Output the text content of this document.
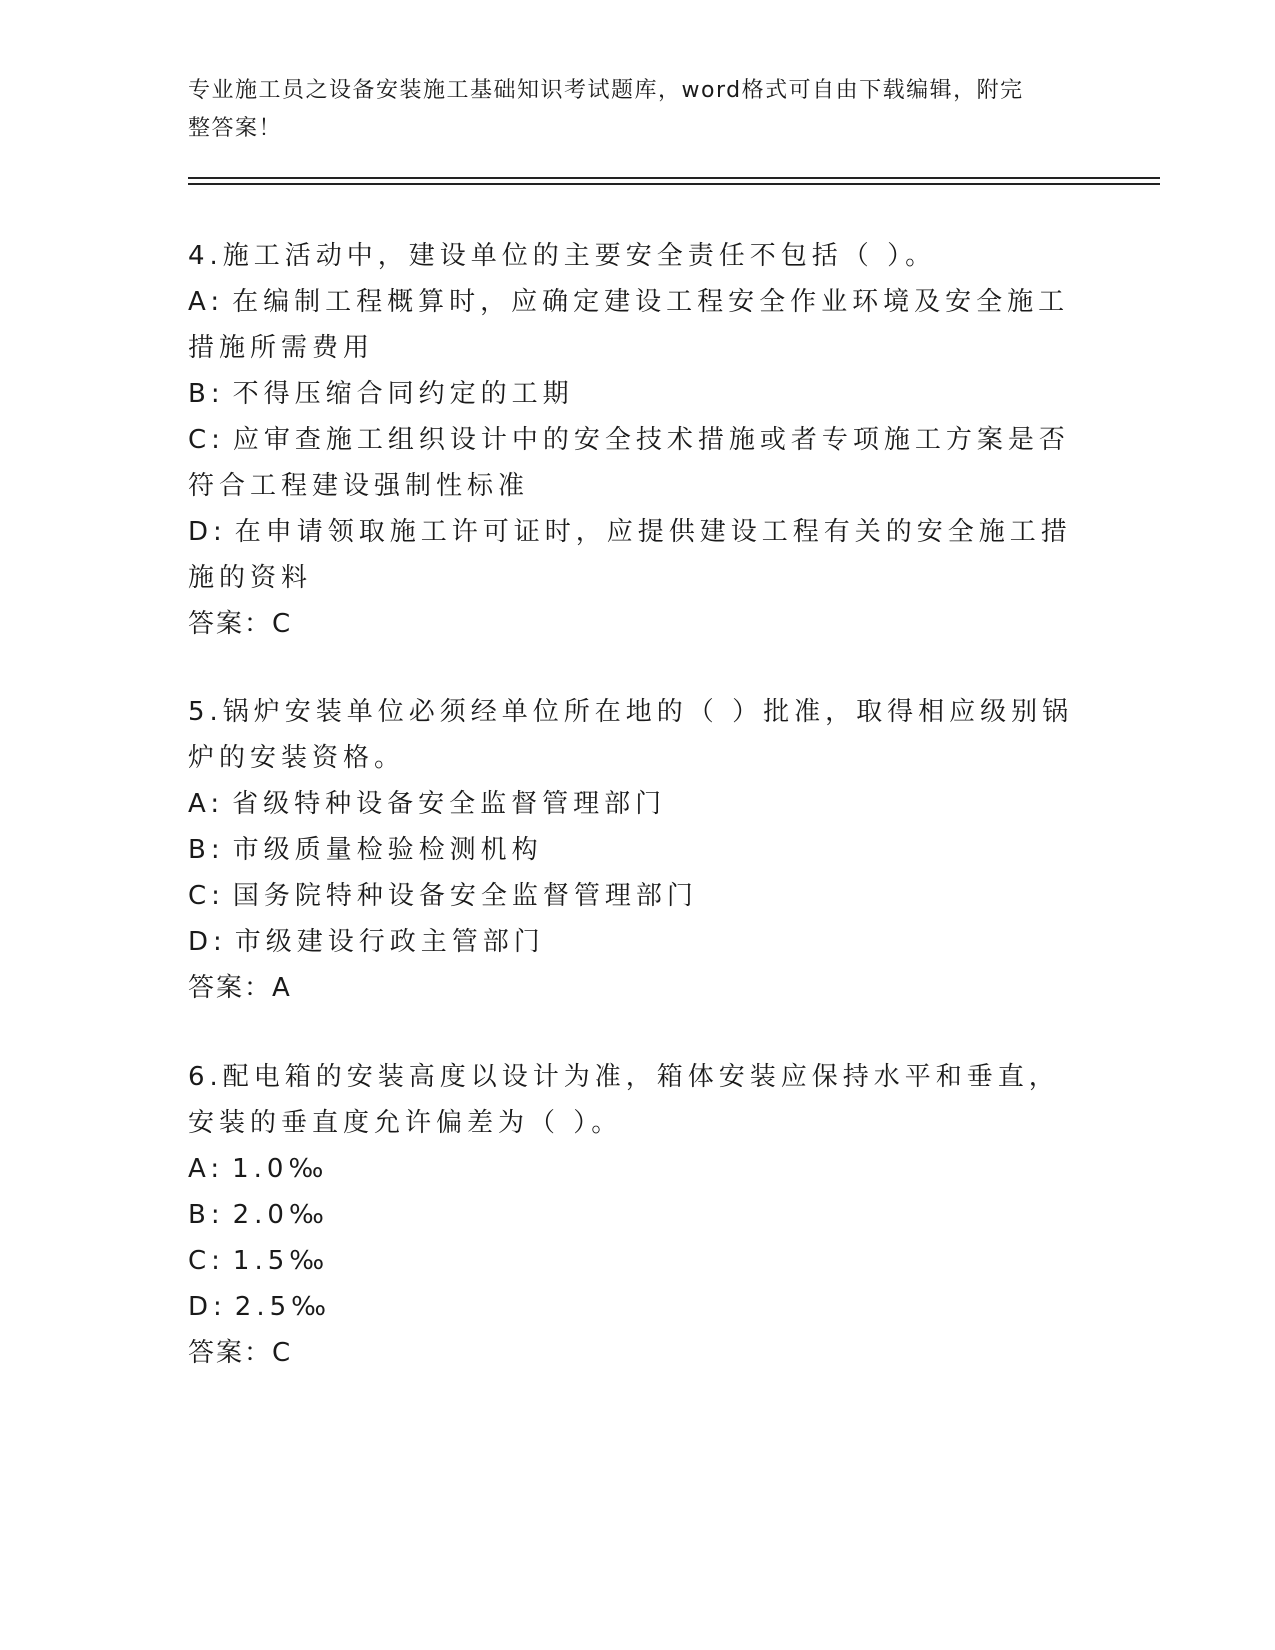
专业施工员之设备安装施工基础知识考试题库，word格式可自由下载编辑，附完
整答案！

4.施工活动中，建设单位的主要安全责任不包括（ ）。

A: 在编制工程概算时，应确定建设工程安全作业环境及安全施工措施所需费用

B: 不得压缩合同约定的工期

C: 应审查施工组织设计中的安全技术措施或者专项施工方案是否符合工程建设强制性标准

D: 在申请领取施工许可证时，应提供建设工程有关的安全施工措施的资料

答案：C

5.锅炉安装单位必须经单位所在地的（ ）批准，取得相应级别锅炉的安装资格。

A: 省级特种设备安全监督管理部门

B: 市级质量检验检测机构

C: 国务院特种设备安全监督管理部门

D: 市级建设行政主管部门

答案：A

6.配电箱的安装高度以设计为准，箱体安装应保持水平和垂直，安装的垂直度允许偏差为（ ）。

A: 1.0‰

B: 2.0‰

C: 1.5‰

D: 2.5‰

答案：C
